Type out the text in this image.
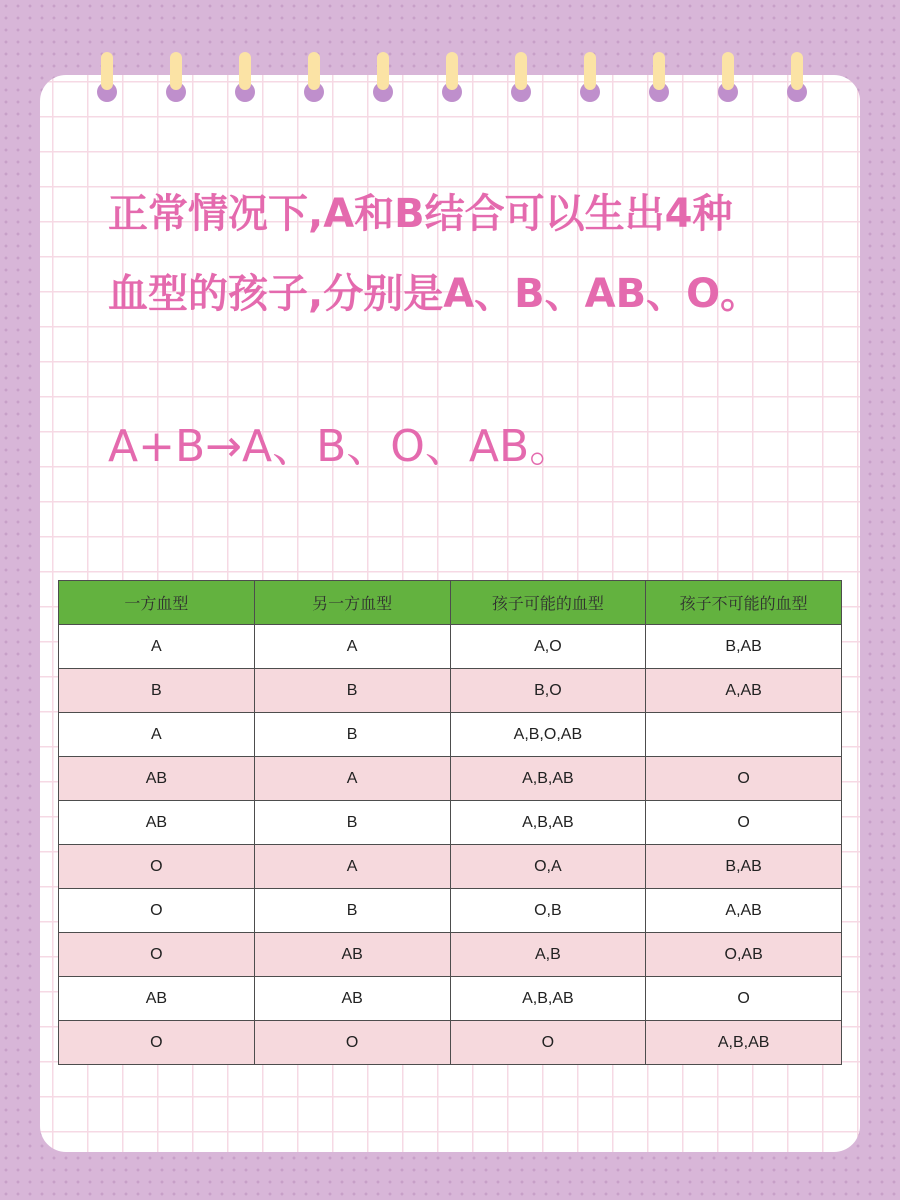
正常情况下,A和B结合可以生出4种
血型的孩子,分别是A、B、AB、O。

A+B→A、B、O、AB。

一方血型	另一方血型	孩子可能的血型	孩子不可能的血型
A	A	A,O	B,AB
B	B	B,O	A,AB
A	B	A,B,O,AB	
AB	A	A,B,AB	O
AB	B	A,B,AB	O
O	A	O,A	B,AB
O	B	O,B	A,AB
O	AB	A,B	O,AB
AB	AB	A,B,AB	O
O	O	O	A,B,AB
